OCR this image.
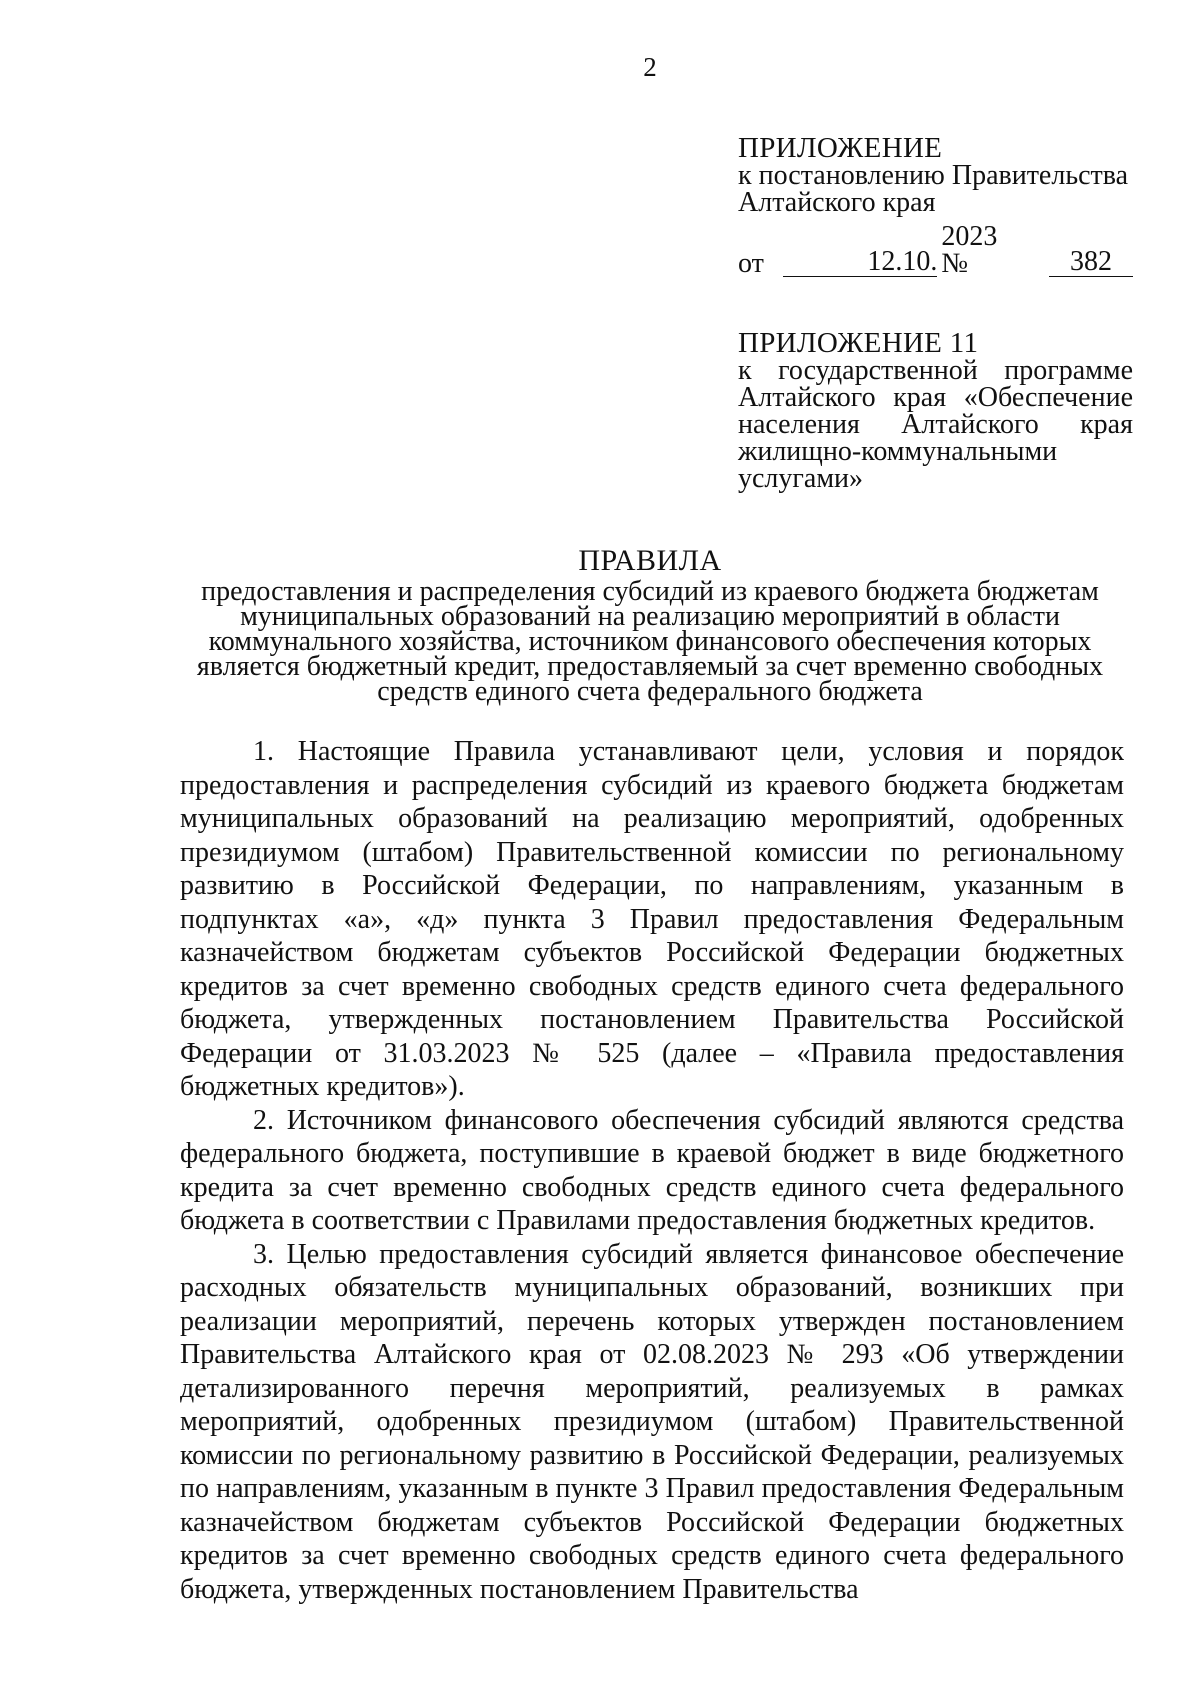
2
ПРИЛОЖЕНИЕ
к постановлению Правительства
Алтайского края
от	12.10.
2023 №	382
ПРИЛОЖЕНИЕ 11
к государственной программе
Алтайского края «Обеспечение
населения Алтайского края
жилищно-коммунальными
услугами»
ПРАВИЛА
предоставления и распределения субсидий из краевого бюджета бюджетам
муниципальных образований на реализацию мероприятий в области
коммунального хозяйства, источником финансового обеспечения которых
является бюджетный кредит, предоставляемый за счет временно свободных
средств единого счета федерального бюджета

1. Настоящие Правила устанавливают цели, условия и порядок предоставления и распределения субсидий из краевого бюджета бюджетам муниципальных образований на реализацию мероприятий, одобренных президиумом (штабом) Правительственной комиссии по региональному развитию в Российской Федерации, по направлениям, указанным в подпунктах «а», «д» пункта 3 Правил предоставления Федеральным казначейством бюджетам субъектов Российской Федерации бюджетных кредитов за счет временно свободных средств единого счета федерального бюджета, утвержденных постановлением Правительства Российской Федерации от 31.03.2023 № 525 (далее – «Правила предоставления бюджетных кредитов»).

2. Источником финансового обеспечения субсидий являются средства федерального бюджета, поступившие в краевой бюджет в виде бюджетного кредита за счет временно свободных средств единого счета федерального бюджета в соответствии с Правилами предоставления бюджетных кредитов.

3. Целью предоставления субсидий является финансовое обеспечение расходных обязательств муниципальных образований, возникших при реализации мероприятий, перечень которых утвержден постановлением Правительства Алтайского края от 02.08.2023 № 293 «Об утверждении детализированного перечня мероприятий, реализуемых в рамках мероприятий, одобренных президиумом (штабом) Правительственной комиссии по региональному развитию в Российской Федерации, реализуемых по направлениям, указанным в пункте 3 Правил предоставления Федеральным казначейством бюджетам субъектов Российской Федерации бюджетных кредитов за счет временно свободных средств единого счета федерального бюджета, утвержденных постановлением Правительства
